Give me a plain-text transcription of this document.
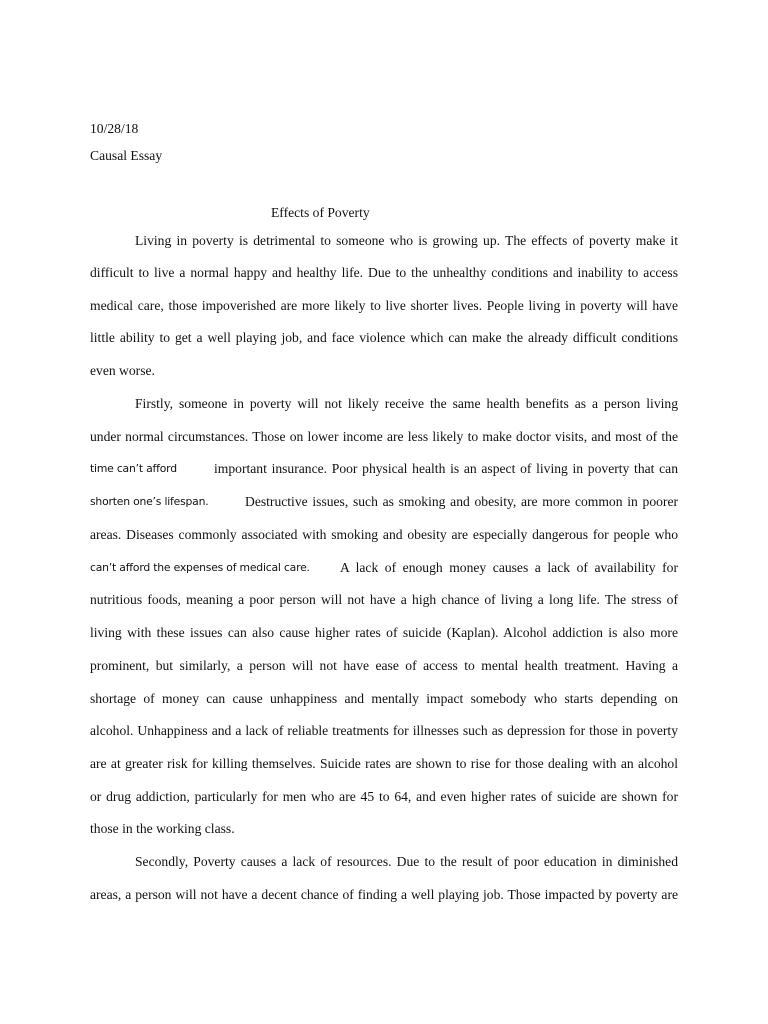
10/28/18
Causal Essay
Effects of Poverty
Living in poverty is detrimental to someone who is growing up. The effects of poverty make it
difficult to live a normal happy and healthy life. Due to the unhealthy conditions and inability to access
medical care, those impoverished are more likely to live shorter lives. People living in poverty will have
little ability to get a well playing job, and face violence which can make the already difficult conditions
even worse.
Firstly, someone in poverty will not likely receive the same health benefits as a person living
under normal circumstances. Those on lower income are less likely to make doctor visits, and most of the
time can’t afford	important insurance. Poor physical health is an aspect of living in poverty that can
shorten one’s lifespan.	Destructive issues, such as smoking and obesity, are more common in poorer
areas. Diseases commonly associated with smoking and obesity are especially dangerous for people who
can’t afford the expenses of medical care. A lack of enough money causes a lack of availability for
nutritious foods, meaning a poor person will not have a high chance of living a long life. The stress of
living with these issues can also cause higher rates of suicide (Kaplan). Alcohol addiction is also more
prominent, but similarly, a person will not have ease of access to mental health treatment. Having a
shortage of money can cause unhappiness and mentally impact somebody who starts depending on
alcohol. Unhappiness and a lack of reliable treatments for illnesses such as depression for those in poverty
are at greater risk for killing themselves. Suicide rates are shown to rise for those dealing with an alcohol
or drug addiction, particularly for men who are 45 to 64, and even higher rates of suicide are shown for
those in the working class.
Secondly, Poverty causes a lack of resources. Due to the result of poor education in diminished
areas, a person will not have a decent chance of finding a well playing job. Those impacted by poverty are
